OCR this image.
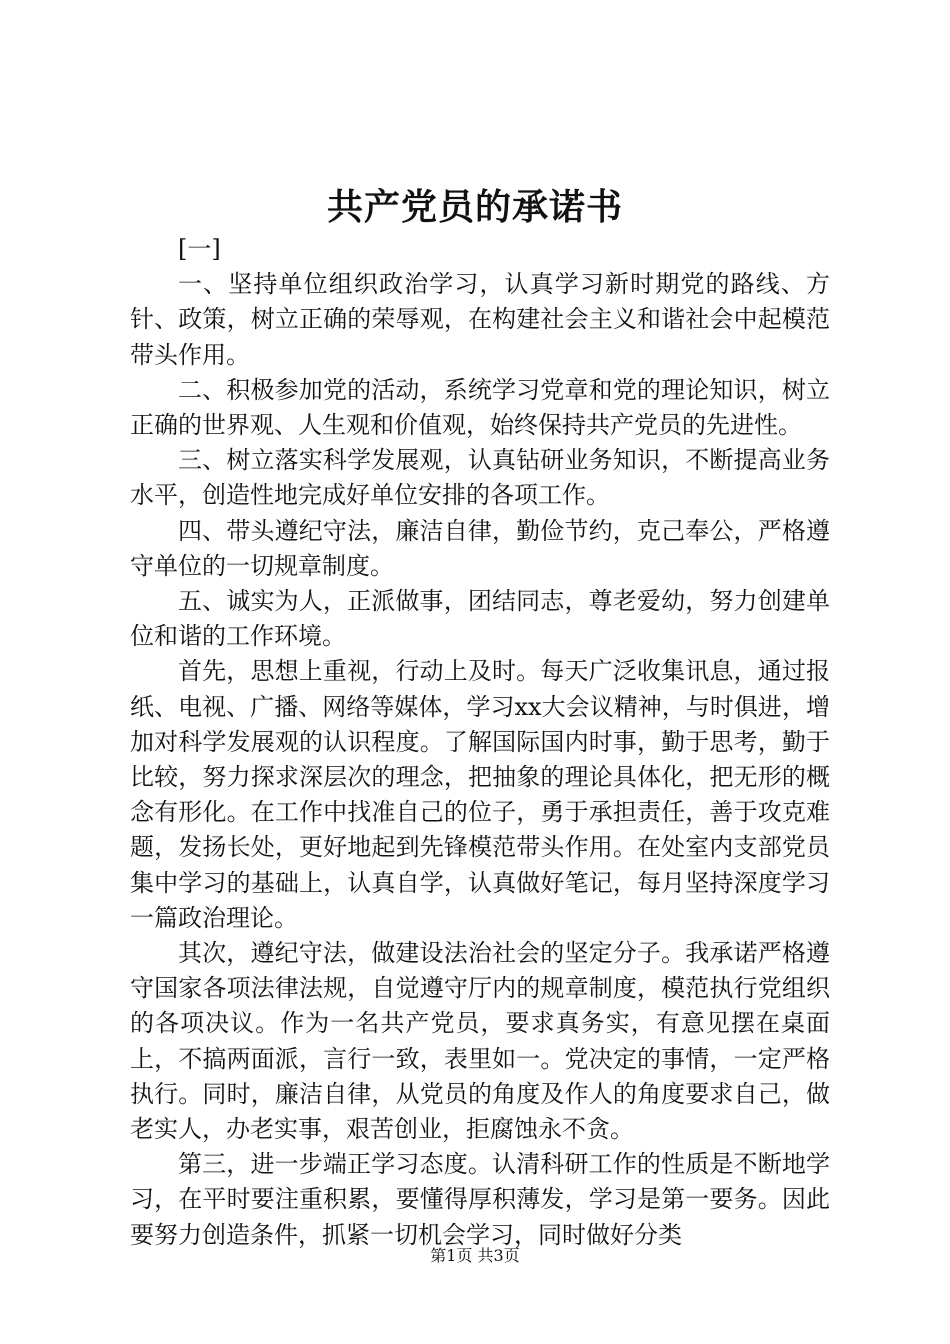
共产党员的承诺书

[一]

一、坚持单位组织政治学习，认真学习新时期党的路线、方针、政策，树立正确的荣辱观，在构建社会主义和谐社会中起模范带头作用。

二、积极参加党的活动，系统学习党章和党的理论知识，树立正确的世界观、人生观和价值观，始终保持共产党员的先进性。

三、树立落实科学发展观，认真钻研业务知识，不断提高业务水平，创造性地完成好单位安排的各项工作。

四、带头遵纪守法，廉洁自律，勤俭节约，克己奉公，严格遵守单位的一切规章制度。

五、诚实为人，正派做事，团结同志，尊老爱幼，努力创建单位和谐的工作环境。

首先，思想上重视，行动上及时。每天广泛收集讯息，通过报纸、电视、广播、网络等媒体，学习xx大会议精神，与时俱进，增加对科学发展观的认识程度。了解国际国内时事，勤于思考，勤于比较，努力探求深层次的理念，把抽象的理论具体化，把无形的概念有形化。在工作中找准自己的位子，勇于承担责任，善于攻克难题，发扬长处，更好地起到先锋模范带头作用。在处室内支部党员集中学习的基础上，认真自学，认真做好笔记，每月坚持深度学习一篇政治理论。

其次，遵纪守法，做建设法治社会的坚定分子。我承诺严格遵守国家各项法律法规，自觉遵守厅内的规章制度，模范执行党组织的各项决议。作为一名共产党员，要求真务实，有意见摆在桌面上，不搞两面派，言行一致，表里如一。党决定的事情，一定严格执行。同时，廉洁自律，从党员的角度及作人的角度要求自己，做老实人，办老实事，艰苦创业，拒腐蚀永不贪。

第三，进一步端正学习态度。认清科研工作的性质是不断地学习，在平时要注重积累，要懂得厚积薄发，学习是第一要务。因此要努力创造条件，抓紧一切机会学习，同时做好分类

第1页 共3页
